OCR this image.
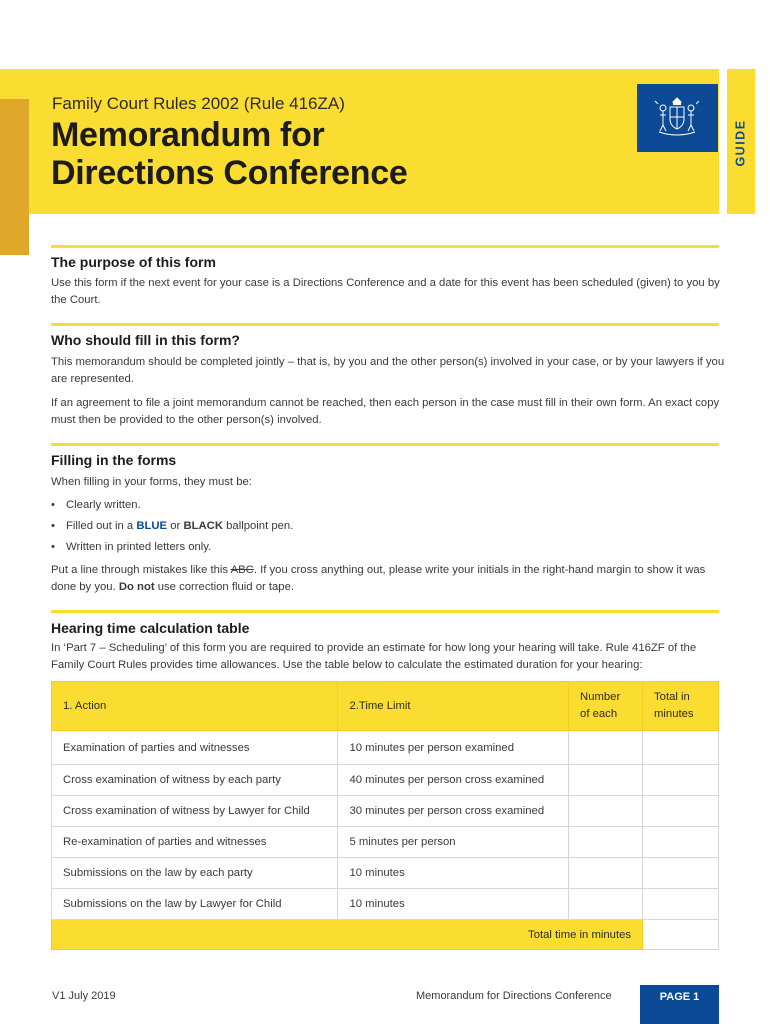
Family Court Rules 2002 (Rule 416ZA)
Memorandum for
Directions Conference
GUIDE
The purpose of this form
Use this form if the next event for your case is a Directions Conference and a date for this event has been scheduled (given) to you by the Court.
Who should fill in this form?
This memorandum should be completed jointly – that is, by you and the other person(s) involved in your case, or by your lawyers if you are represented.
If an agreement to file a joint memorandum cannot be reached, then each person in the case must fill in their own form. An exact copy must then be provided to the other person(s) involved.
Filling in the forms
When filling in your forms, they must be:
• Clearly written.
• Filled out in a BLUE or BLACK ballpoint pen.
• Written in printed letters only.
Put a line through mistakes like this ABC. If you cross anything out, please write your initials in the right-hand margin to show it was done by you. Do not use correction fluid or tape.
Hearing time calculation table
In ‘Part 7 – Scheduling’ of this form you are required to provide an estimate for how long your hearing will take. Rule 416ZF of the Family Court Rules provides time allowances. Use the table below to calculate the estimated duration for your hearing:
1. Action	2.Time Limit	Number of each	Total in minutes
Examination of parties and witnesses	10 minutes per person examined		
Cross examination of witness by each party	40 minutes per person cross examined		
Cross examination of witness by Lawyer for Child	30 minutes per person cross examined		
Re-examination of parties and witnesses	5 minutes per person		
Submissions on the law by each party	10 minutes		
Submissions on the law by Lawyer for Child	10 minutes		
Total time in minutes			
V1 July 2019	Memorandum for Directions Conference	PAGE 1
